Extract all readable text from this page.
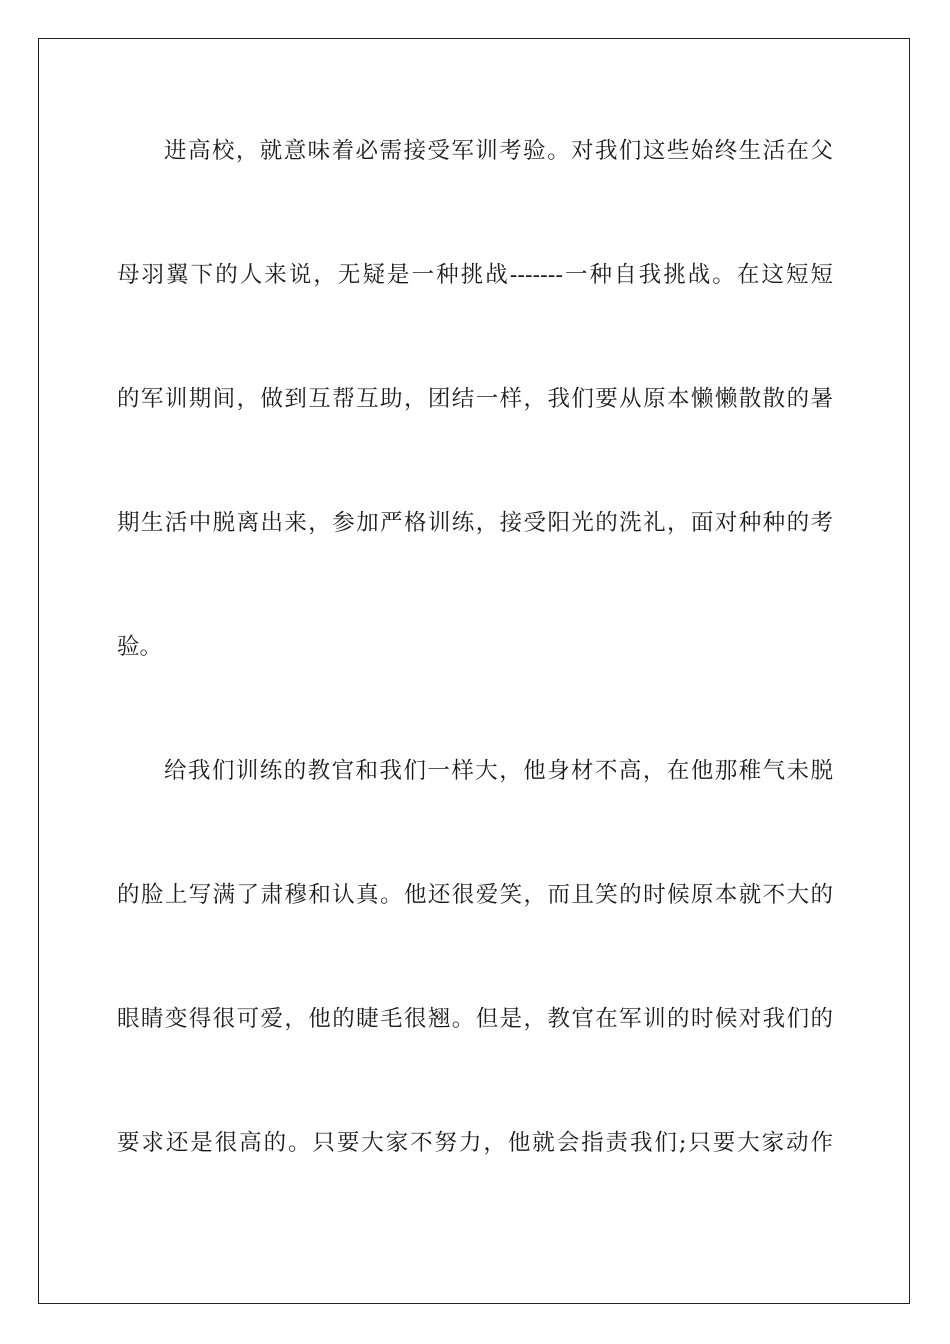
进高校，就意味着必需接受军训考验。对我们这些始终生活在父
母羽翼下的人来说，无疑是一种挑战-------一种自我挑战。在这短短
的军训期间，做到互帮互助，团结一样，我们要从原本懒懒散散的暑
期生活中脱离出来，参加严格训练，接受阳光的洗礼，面对种种的考
验。
给我们训练的教官和我们一样大，他身材不高，在他那稚气未脱
的脸上写满了肃穆和认真。他还很爱笑，而且笑的时候原本就不大的
眼睛变得很可爱，他的睫毛很翘。但是，教官在军训的时候对我们的
要求还是很高的。只要大家不努力，他就会指责我们;只要大家动作
